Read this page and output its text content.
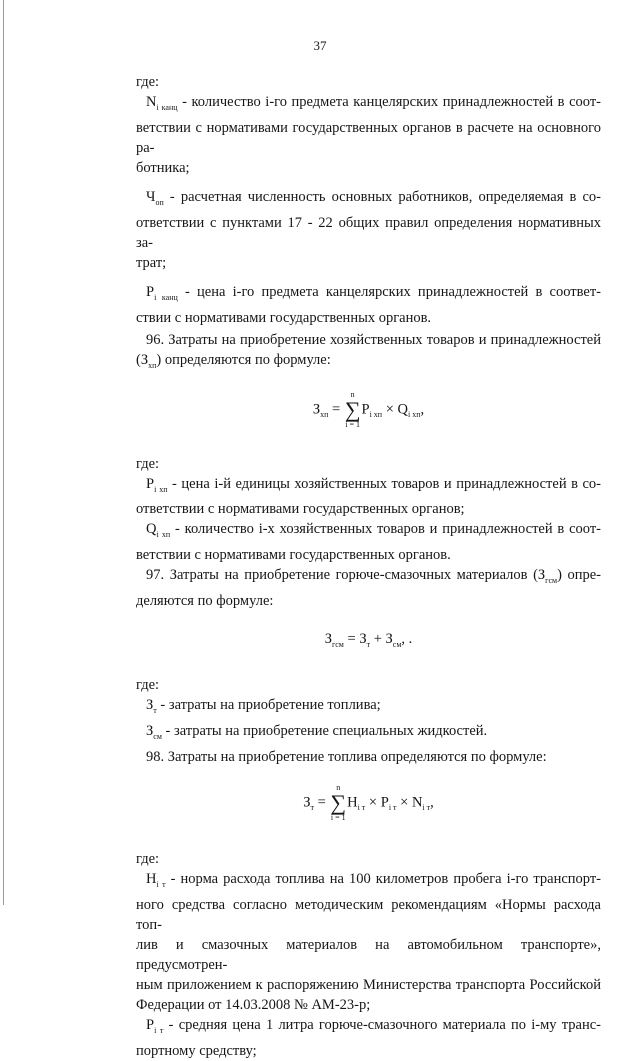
37

где:

$N_{i канц}$ - количество i-го предмета канцелярских принадлежностей в соот-
ветствии с нормативами государственных органов в расчете на основного ра-
ботника;
$Ч_{оп}$ - расчетная численность основных работников, определяемая в со-
ответствии с пунктами 17 - 22 общих правил определения нормативных за-
трат;
$P_{i канц}$ - цена i-го предмета канцелярских принадлежностей в соответ-
ствии с нормативами государственных органов.
96. Затраты на приобретение хозяйственных товаров и принадлежностей
$(З_{хп})$ определяются по формуле:
$З_{хп}$ =
n
∑
i = 1
$P_{i хп} \times Q_{i хп}$,

где:

$P_{i хп}$ - цена i-й единицы хозяйственных товаров и принадлежностей в со-
ответствии с нормативами государственных органов;
$Q_{i хп}$ - количество i-х хозяйственных товаров и принадлежностей в соот-
ветствии с нормативами государственных органов.
97. Затраты на приобретение горюче-смазочных материалов $(З_{гсм})$ опре-
деляются по формуле:
$З_{гсм} = З_т + З_{см}$, .

где:

$З_т$ - затраты на приобретение топлива;
$З_{см}$ - затраты на приобретение специальных жидкостей.
98. Затраты на приобретение топлива определяются по формуле:
$З_т$ =
n
∑
i = 1
$H_{i т} \times P_{i т} \times N_{i т}$,

где:

$H_{i т}$ - норма расхода топлива на 100 километров пробега i-го транспорт-
ного средства согласно методическим рекомендациям «Нормы расхода топ-
лив и смазочных материалов на автомобильном транспорте», предусмотрен-
ным приложением к распоряжению Министерства транспорта Российской
Федерации от 14.03.2008 № АМ-23-р;
$P_{i т}$ - средняя цена 1 литра горюче-смазочного материала по i-му транс-
портному средству;
